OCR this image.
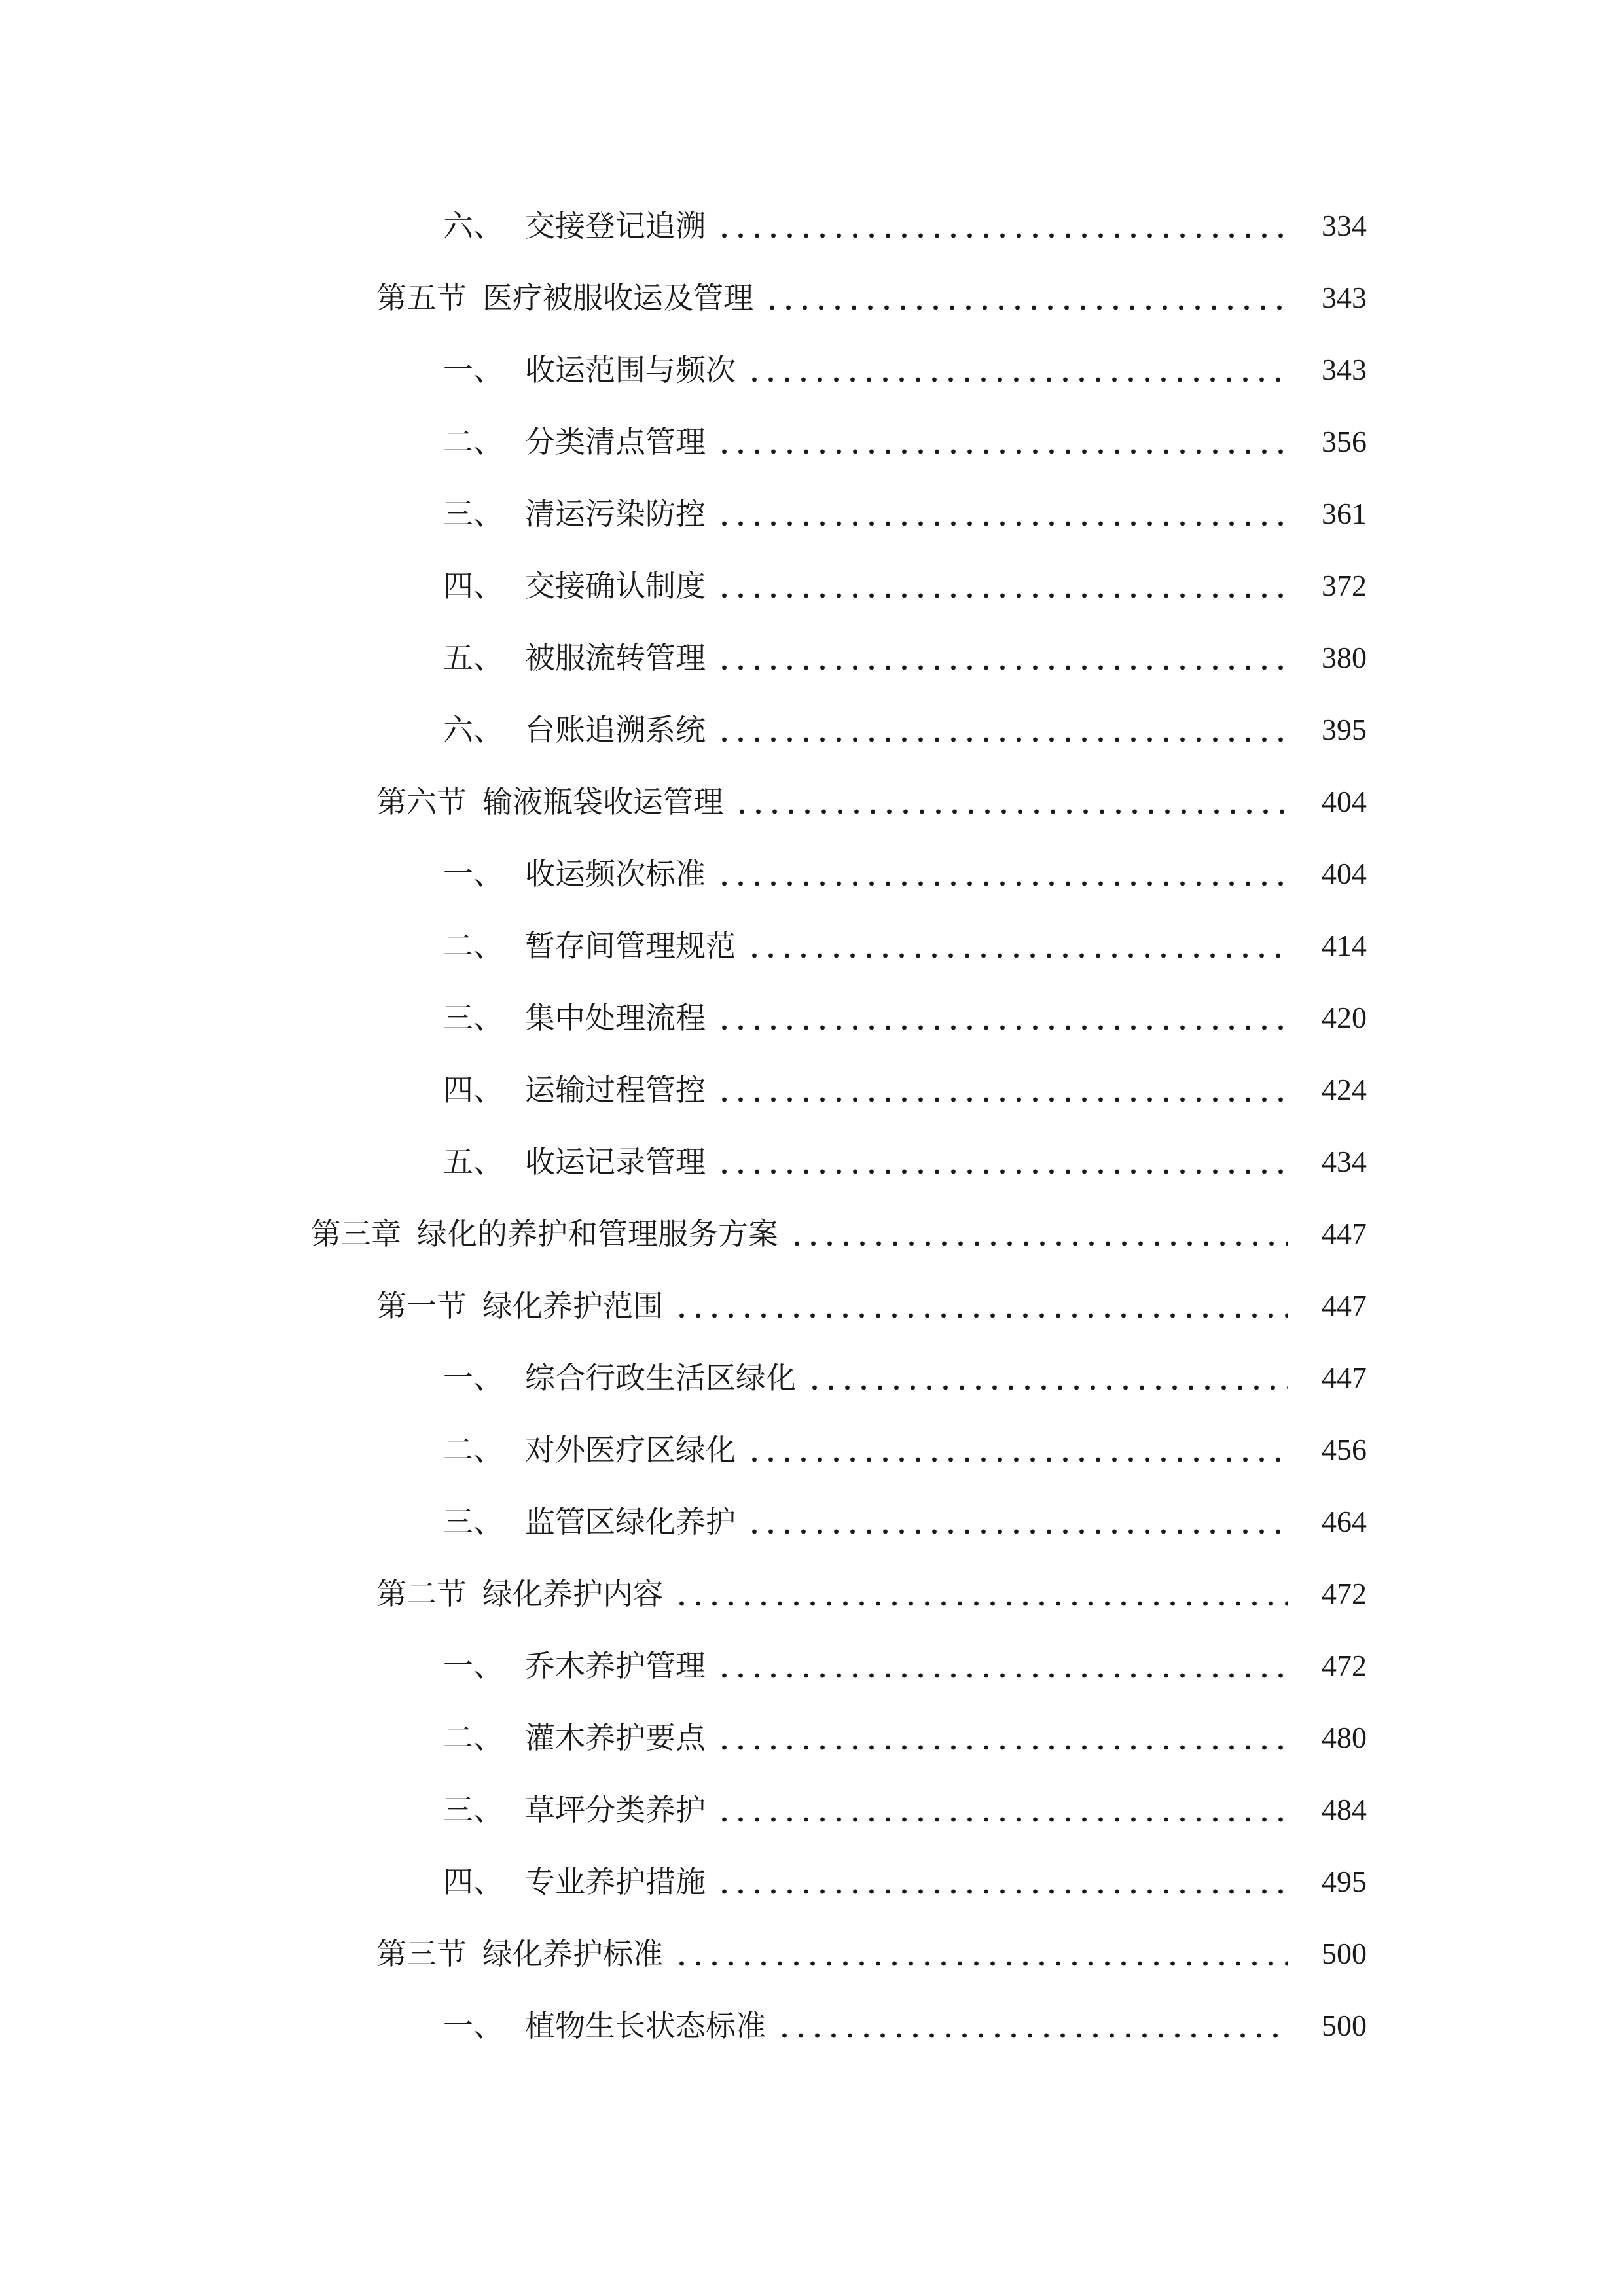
六、 交接登记追溯	334
第五节 医疗被服收运及管理	343
一、 收运范围与频次	343
二、 分类清点管理	356
三、 清运污染防控	361
四、 交接确认制度	372
五、 被服流转管理	380
六、 台账追溯系统	395
第六节 输液瓶袋收运管理	404
一、 收运频次标准	404
二、 暂存间管理规范	414
三、 集中处理流程	420
四、 运输过程管控	424
五、 收运记录管理	434
第三章 绿化的养护和管理服务方案	447
第一节 绿化养护范围	447
一、 综合行政生活区绿化	447
二、 对外医疗区绿化	456
三、 监管区绿化养护	464
第二节 绿化养护内容	472
一、 乔木养护管理	472
二、 灌木养护要点	480
三、 草坪分类养护	484
四、 专业养护措施	495
第三节 绿化养护标准	500
一、 植物生长状态标准	500
